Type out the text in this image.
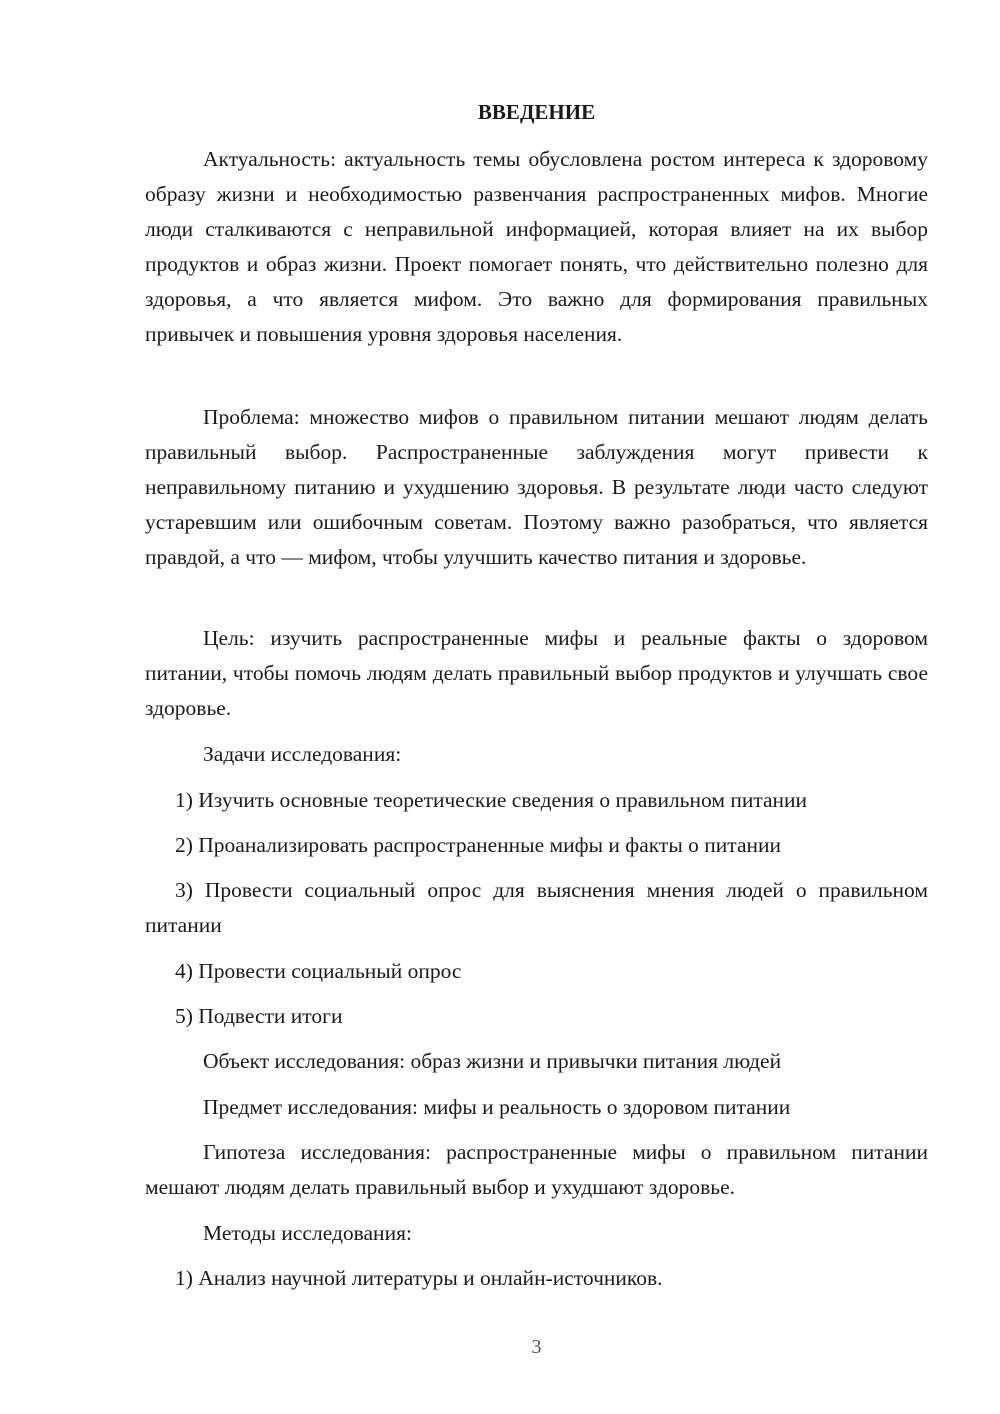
ВВЕДЕНИЕ

Актуальность: актуальность темы обусловлена ростом интереса к здоровому образу жизни и необходимостью развенчания распространенных мифов. Многие люди сталкиваются с неправильной информацией, которая влияет на их выбор продуктов и образ жизни. Проект помогает понять, что действительно полезно для здоровья, а что является мифом. Это важно для формирования правильных привычек и повышения уровня здоровья населения.

Проблема: множество мифов о правильном питании мешают людям делать правильный выбор. Распространенные заблуждения могут привести к неправильному питанию и ухудшению здоровья. В результате люди часто следуют устаревшим или ошибочным советам. Поэтому важно разобраться, что является правдой, а что — мифом, чтобы улучшить качество питания и здоровье.

Цель: изучить распространенные мифы и реальные факты о здоровом питании, чтобы помочь людям делать правильный выбор продуктов и улучшать свое здоровье.

Задачи исследования:

1) Изучить основные теоретические сведения о правильном питании

2) Проанализировать распространенные мифы и факты о питании

3) Провести социальный опрос для выяснения мнения людей о правильном питании

4) Провести социальный опрос

5) Подвести итоги

Объект исследования: образ жизни и привычки питания людей

Предмет исследования: мифы и реальность о здоровом питании

Гипотеза исследования: распространенные мифы о правильном питании мешают людям делать правильный выбор и ухудшают здоровье.

Методы исследования:

1) Анализ научной литературы и онлайн-источников.

3
